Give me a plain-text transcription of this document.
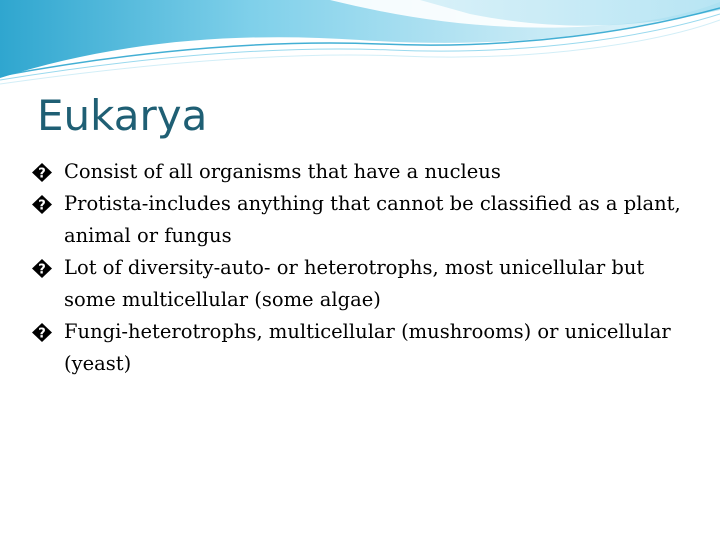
Eukarya
? Consist of all organisms that have a nucleus
? Protista-includes anything that cannot be classified as a plant, animal or fungus
? Lot of diversity-auto- or heterotrophs, most unicellular but some multicellular (some algae)
? Fungi-heterotrophs, multicellular (mushrooms) or unicellular (yeast)
